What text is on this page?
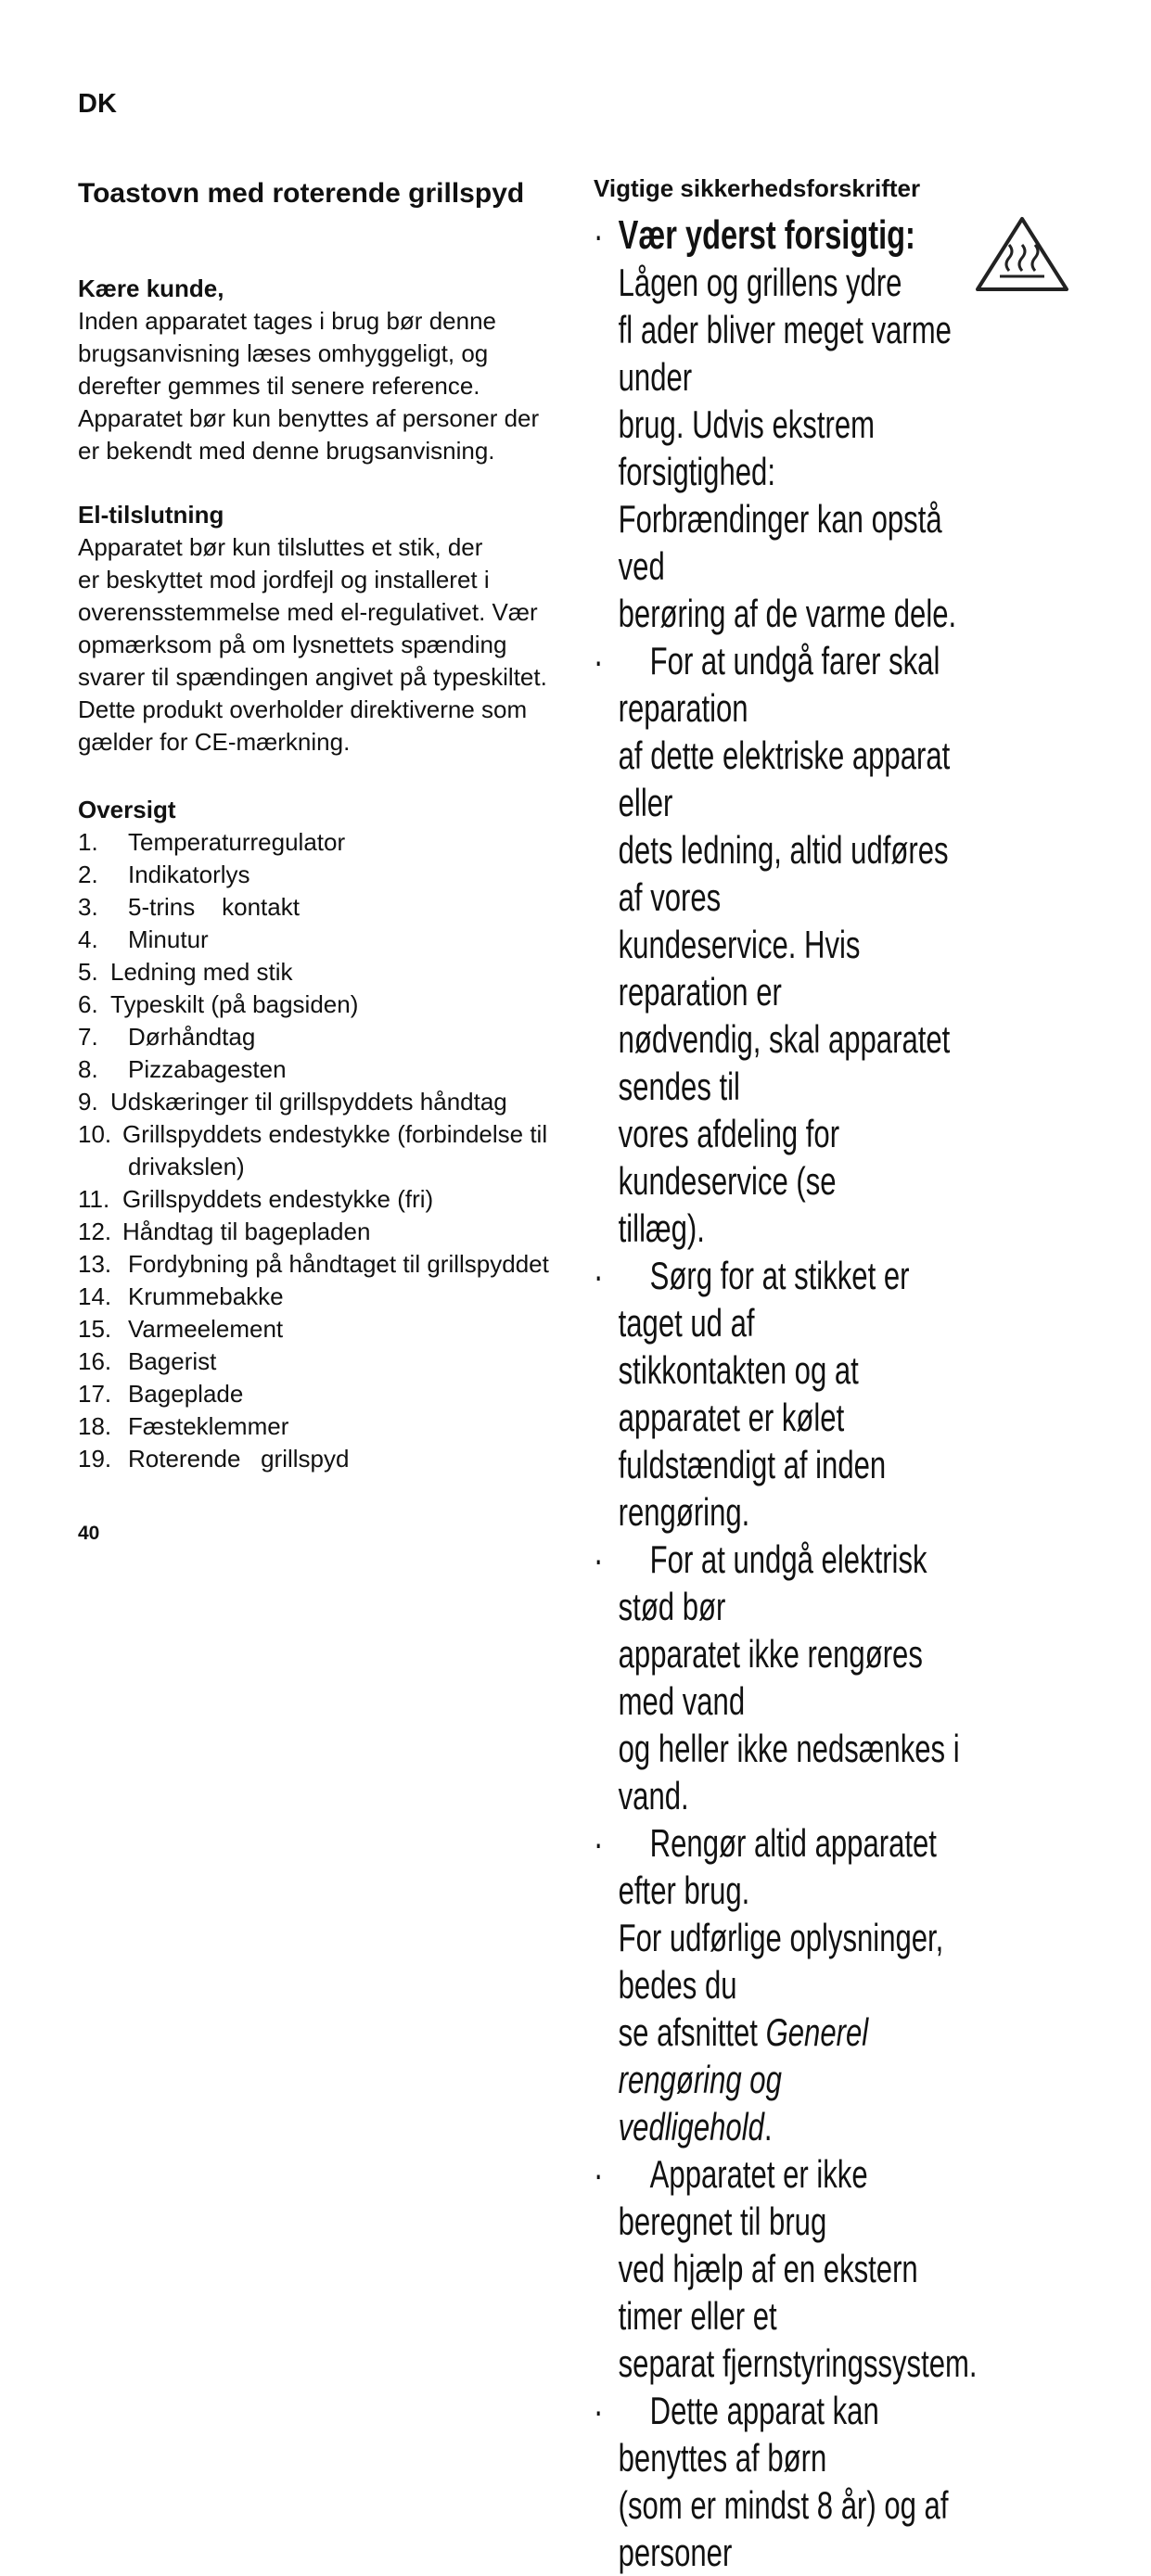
DK
Toastovn med roterende grillspyd
Kære kunde,
Inden apparatet tages i brug bør denne
brugsanvisning læses omhyggeligt, og
derefter gemmes til senere reference.
Apparatet bør kun benyttes af personer der
er bekendt med denne brugsanvisning.
El-tilslutning
Apparatet bør kun tilsluttes et stik, der
er beskyttet mod jordfejl og installeret i
overensstemmelse med el-regulativet. Vær
opmærksom på om lysnettets spænding
svarer til spændingen angivet på typeskiltet.
Dette produkt overholder direktiverne som
gælder for CE-mærkning.
Oversigt
1. Temperaturregulator
2. Indikatorlys
3. 5-trins    kontakt
4. Minutur
5. Ledning med stik
6. Typeskilt (på bagsiden)
7. Dørhåndtag
8. Pizzabagesten
9. Udskæringer til grillspyddets håndtag
10. Grillspyddets endestykke (forbindelse til
drivakslen)
11. Grillspyddets endestykke (fri)
12. Håndtag til bagepladen
13. Fordybning på håndtaget til grillspyddet
14. Krummebakke
15. Varmeelement
16. Bagerist
17. Bageplade
18. Fæsteklemmer
19. Roterende   grillspyd
40
Vigtige sikkerhedsforskrifter
· Vær yderst forsigtig:
Lågen og grillens ydre
fl ader bliver meget varme under
brug. Udvis ekstrem forsigtighed:
Forbrændinger kan opstå ved
berøring af de varme dele.
·	For at undgå farer skal reparation
af dette elektriske apparat eller
dets ledning, altid udføres af vores
kundeservice. Hvis reparation er
nødvendig, skal apparatet sendes til
vores afdeling for kundeservice (se
tillæg).
·	Sørg for at stikket er taget ud af
stikkontakten og at apparatet er kølet
fuldstændigt af inden rengøring.
·	For at undgå elektrisk stød bør
apparatet ikke rengøres med vand
og heller ikke nedsænkes i vand.
·	Rengør altid apparatet efter brug.
For udførlige oplysninger, bedes du
se afsnittet Generel rengøring og
vedligehold.
·	Apparatet er ikke beregnet til brug
ved hjælp af en ekstern timer eller et
separat fjernstyringssystem.
·	Dette apparat kan benyttes af børn
(som er mindst 8 år) og af personer
